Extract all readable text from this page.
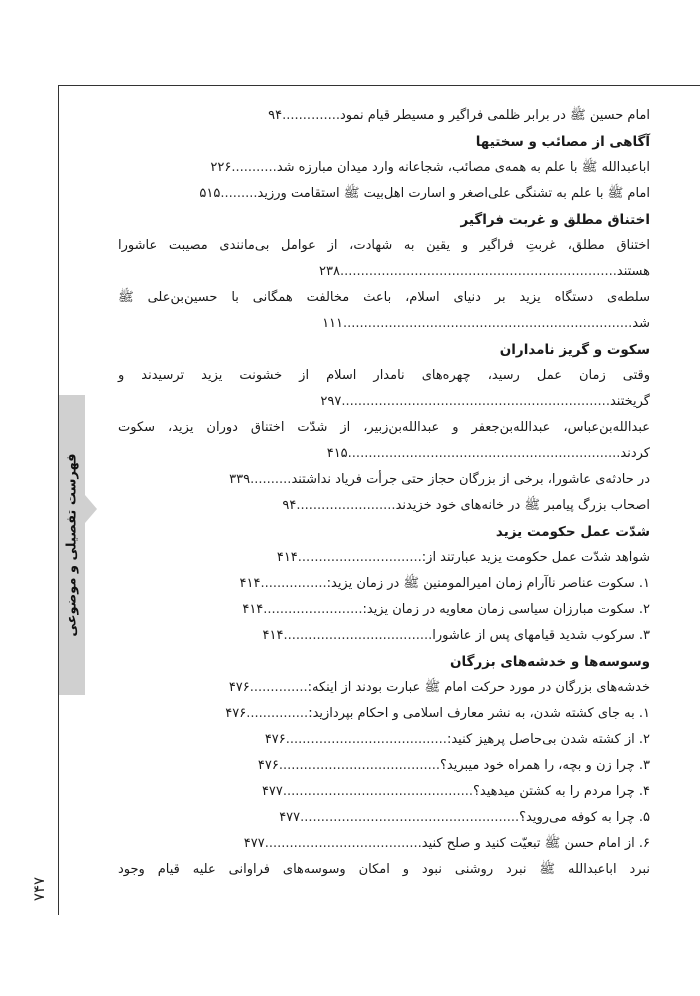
فهرست تفصیلی و موضوعی
۷۴۷
امام حسین ﷺ در برابر ظلمی فراگیر و مسیطر قیام نمود..............۹۴
آگاهی از مصائب و سختیها
اباعبدالله ﷺ با علم به همه‌ی مصائب، شجاعانه وارد میدان مبارزه شد...........۲۲۶
امام ﷺ با علم به تشنگی علی‌اصغر و اسارت اهل‌بیت ﷺ استقامت ورزید.........۵۱۵
اختناق مطلق و غربت فراگیر
اختناق مطلق، غربتِ فراگیر و یقین به شهادت، از عوامل بی‌مانندی مصیبت عاشورا
هستند...................................................................۲۳۸
سلطه‌ی دستگاه یزید بر دنیای اسلام، باعث مخالفت همگانی با حسین‌بن‌علی ﷺ
شد......................................................................۱۱۱
سکوت و گریز نامداران
وقتی زمان عمل رسید، چهره‌های نامدار اسلام از خشونت یزید ترسیدند و
گریختند.................................................................۲۹۷
عبدالله‌بن‌عباس، عبدالله‌بن‌جعفر و عبدالله‌بن‌زبیر، از شدّت اختناق دوران یزید، سکوت
کردند..................................................................۴۱۵
در حادثه‌ی عاشورا، برخی از بزرگان حجاز حتی جرأت فریاد نداشتند..........۳۳۹
اصحاب بزرگ پیامبر ﷺ در خانه‌های خود خزیدند........................۹۴
شدّت عمل حکومت یزید
شواهد شدّت عمل حکومت یزید عبارتند از:..............................۴۱۴
۱. سکوت عناصر ناآرام زمان امیرالمومنین ﷺ در زمان یزید:................۴۱۴
۲. سکوت مبارزان سیاسی زمان معاویه در زمان یزید:........................۴۱۴
۳. سرکوب شدید قیامهای پس از عاشورا....................................۴۱۴
وسوسه‌ها و خدشه‌های بزرگان
خدشه‌های بزرگان در مورد حرکت امام ﷺ عبارت بودند از اینکه:..............۴۷۶
۱. به جای کشته شدن، به نشر معارف اسلامی و احکام بپردازید:...............۴۷۶
۲. از کشته شدن بی‌حاصل پرهیز کنید:.......................................۴۷۶
۳. چرا زن و بچه، را همراه خود میبرید؟.......................................۴۷۶
۴. چرا مردم را به کشتن میدهید؟..............................................۴۷۷
۵. چرا به کوفه می‌روید؟.....................................................۴۷۷
۶. از امام حسن ﷺ تبعیّت کنید و صلح کنید......................................۴۷۷
نبرد اباعبدالله ﷺ نبرد روشنی نبود و امکان وسوسه‌های فراوانی علیه قیام وجود
